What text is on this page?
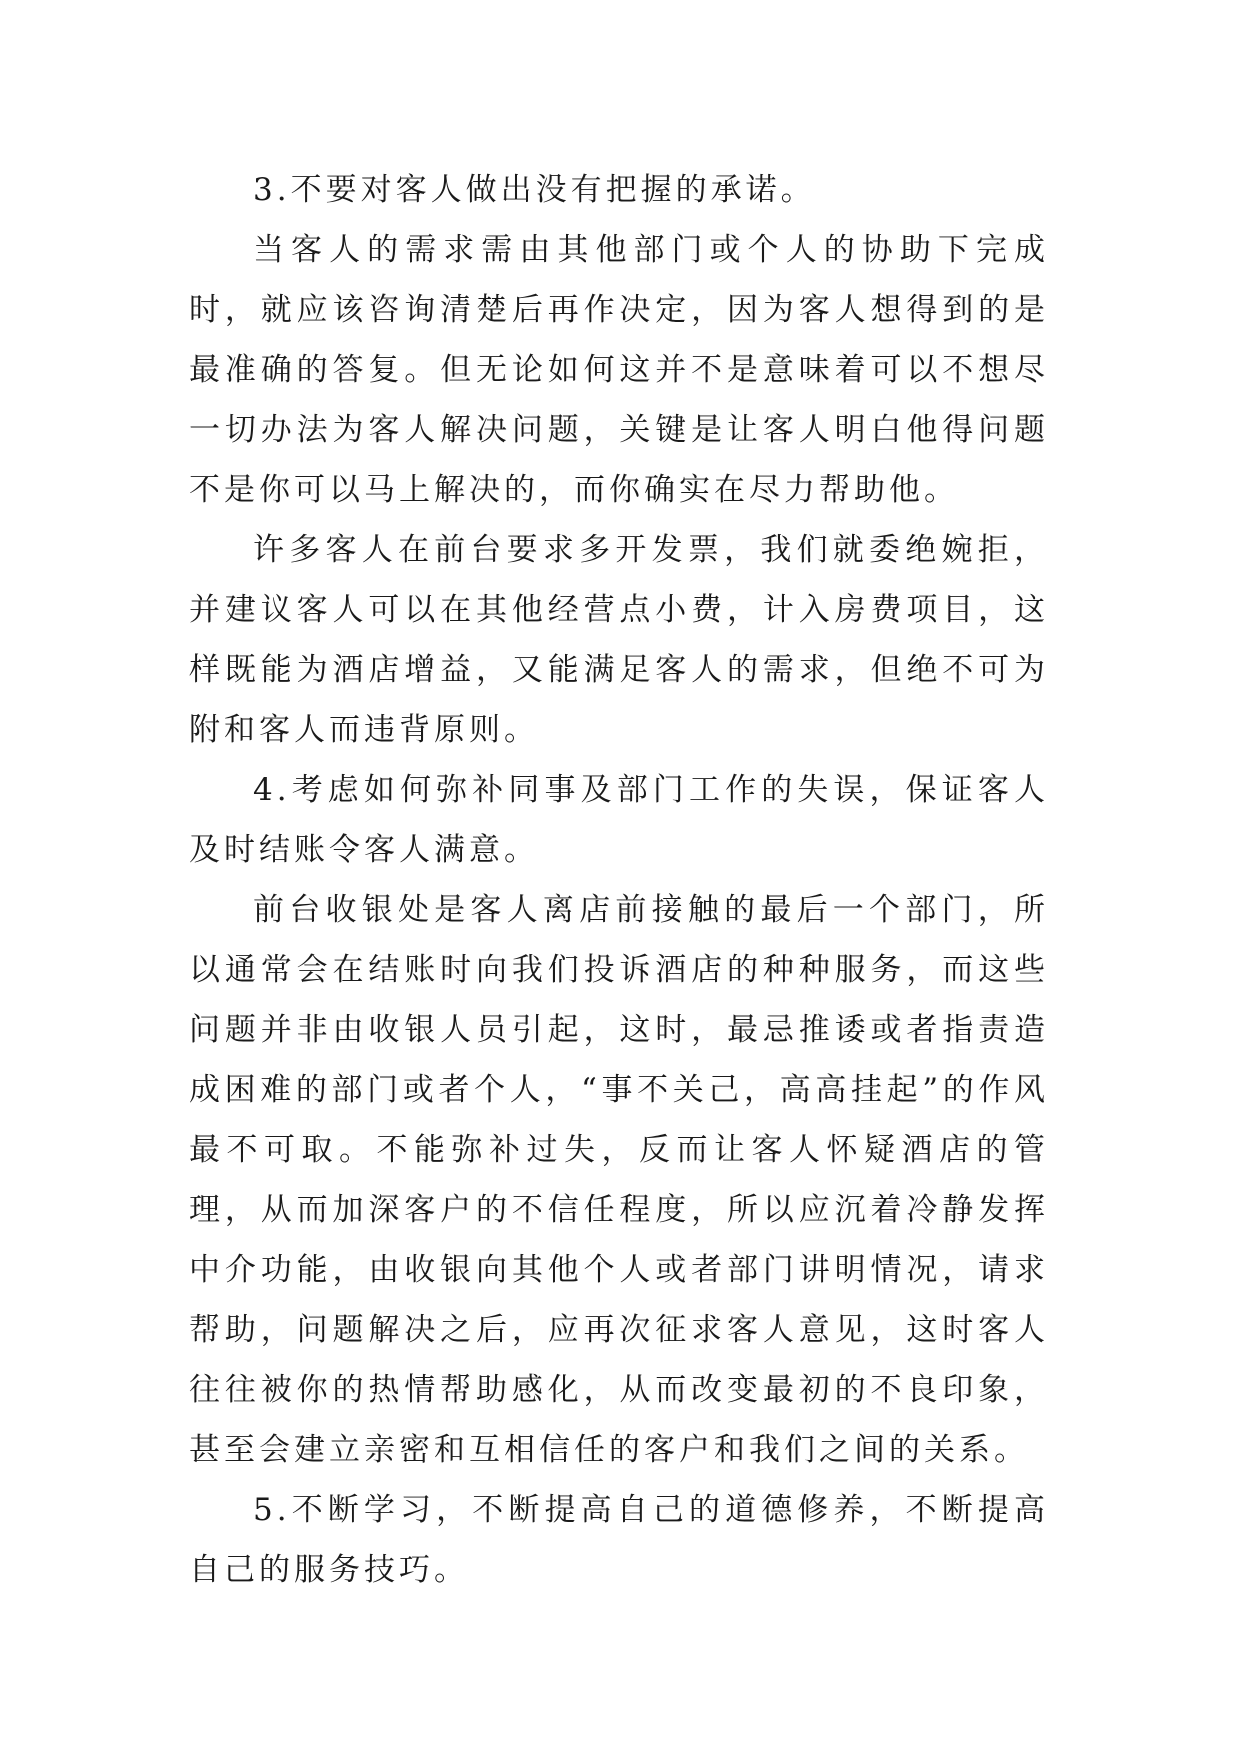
3.不要对客人做出没有把握的承诺。

当客人的需求需由其他部门或个人的协助下完成时，就应该咨询清楚后再作决定，因为客人想得到的是最准确的答复。但无论如何这并不是意味着可以不想尽一切办法为客人解决问题，关键是让客人明白他得问题不是你可以马上解决的，而你确实在尽力帮助他。

许多客人在前台要求多开发票，我们就委绝婉拒，并建议客人可以在其他经营点小费，计入房费项目，这样既能为酒店增益，又能满足客人的需求，但绝不可为附和客人而违背原则。

4.考虑如何弥补同事及部门工作的失误，保证客人及时结账令客人满意。

前台收银处是客人离店前接触的最后一个部门，所以通常会在结账时向我们投诉酒店的种种服务，而这些问题并非由收银人员引起，这时，最忌推诿或者指责造成困难的部门或者个人，“事不关己，高高挂起”的作风最不可取。不能弥补过失，反而让客人怀疑酒店的管理，从而加深客户的不信任程度，所以应沉着冷静发挥中介功能，由收银向其他个人或者部门讲明情况，请求帮助，问题解决之后，应再次征求客人意见，这时客人往往被你的热情帮助感化，从而改变最初的不良印象，甚至会建立亲密和互相信任的客户和我们之间的关系。

5.不断学习，不断提高自己的道德修养，不断提高自己的服务技巧。
